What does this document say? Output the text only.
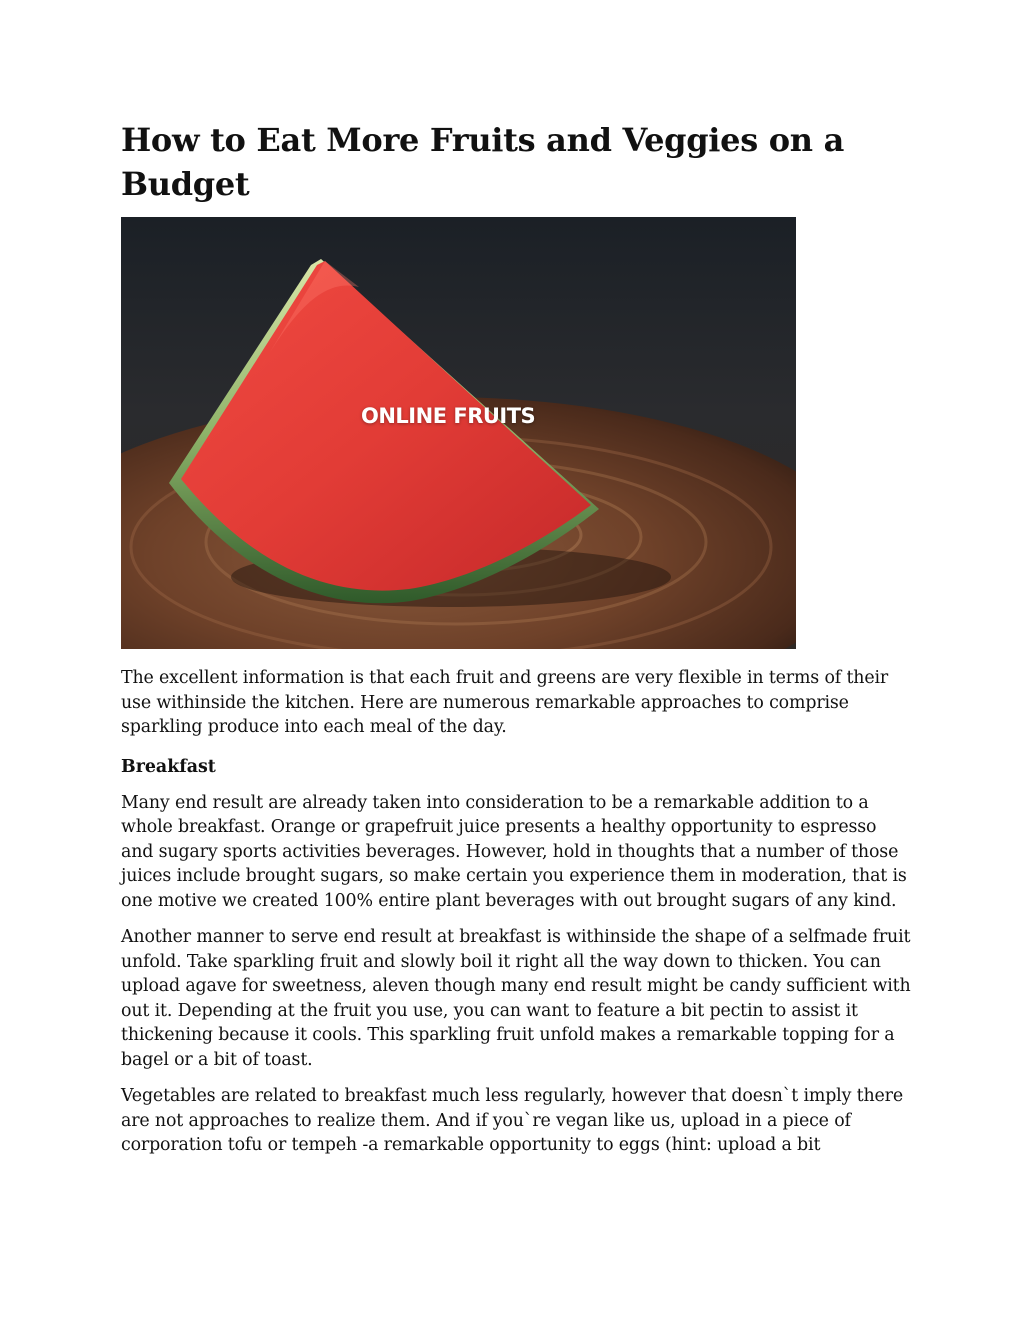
How to Eat More Fruits and Veggies on a Budget
ONLINE FRUITS

The excellent information is that each fruit and greens are very flexible in terms of their use withinside the kitchen. Here are numerous remarkable approaches to comprise sparkling produce into each meal of the day.

Breakfast

Many end result are already taken into consideration to be a remarkable addition to a whole breakfast. Orange or grapefruit juice presents a healthy opportunity to espresso and sugary sports activities beverages. However, hold in thoughts that a number of those juices include brought sugars, so make certain you experience them in moderation, that is one motive we created 100% entire plant beverages with out brought sugars of any kind.

Another manner to serve end result at breakfast is withinside the shape of a selfmade fruit unfold. Take sparkling fruit and slowly boil it right all the way down to thicken. You can upload agave for sweetness, aleven though many end result might be candy sufficient with out it. Depending at the fruit you use, you can want to feature a bit pectin to assist it thickening because it cools. This sparkling fruit unfold makes a remarkable topping for a bagel or a bit of toast.

Vegetables are related to breakfast much less regularly, however that doesn`t imply there are not approaches to realize them. And if you`re vegan like us, upload in a piece of corporation tofu or tempeh -a remarkable opportunity to eggs (hint: upload a bit
